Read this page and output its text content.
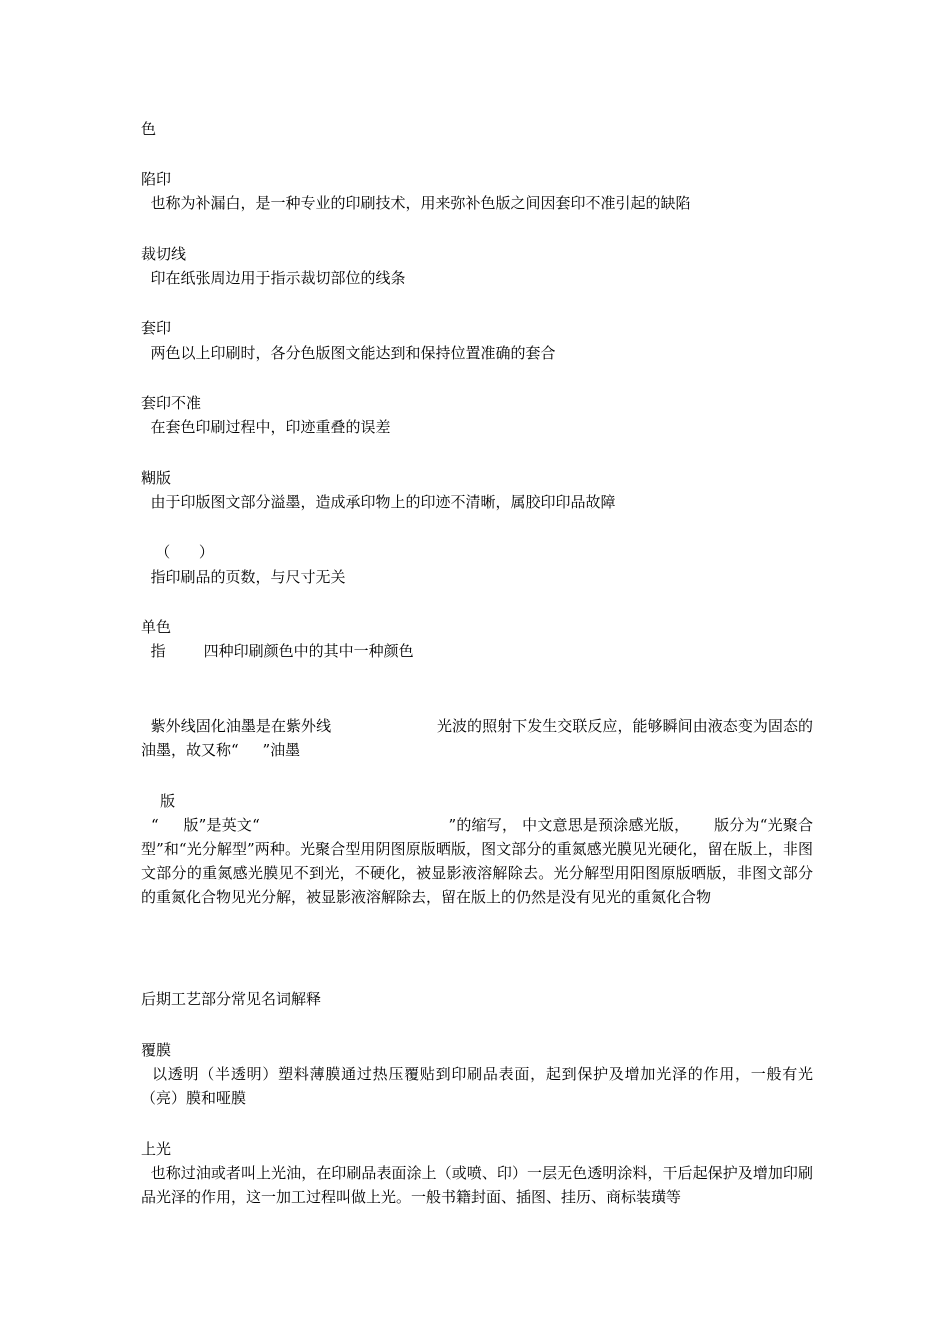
色
陷印
也称为补漏白，是一种专业的印刷技术，用来弥补色版之间因套印不准引起的缺陷
裁切线
印在纸张周边用于指示裁切部位的线条
套印
两色以上印刷时，各分色版图文能达到和保持位置准确的套合
套印不准
在套色印刷过程中，印迹重叠的误差
糊版
由于印版图文部分溢墨，造成承印物上的印迹不清晰，属胶印印品故障
（      ）
指印刷品的页数，与尺寸无关
单色
指        四种印刷颜色中的其中一种颜色
紫外线固化油墨是在紫外线                      光波的照射下发生交联反应，能够瞬间由液态变为固态的油墨，故又称“     ”油墨
版
“     版”是英文“                                      ”的缩写， 中文意思是预涂感光版，     版分为“光聚合型”和“光分解型”两种。光聚合型用阴图原版晒版，图文部分的重氮感光膜见光硬化，留在版上，非图文部分的重氮感光膜见不到光，不硬化，被显影液溶解除去。光分解型用阳图原版晒版，非图文部分的重氮化合物见光分解，被显影液溶解除去，留在版上的仍然是没有见光的重氮化合物
后期工艺部分常见名词解释
覆膜
以透明（半透明）塑料薄膜通过热压覆贴到印刷品表面，起到保护及增加光泽的作用，一般有光（亮）膜和哑膜
上光
也称过油或者叫上光油，在印刷品表面涂上（或喷、印）一层无色透明涂料，干后起保护及增加印刷品光泽的作用，这一加工过程叫做上光。一般书籍封面、插图、挂历、商标装璜等
